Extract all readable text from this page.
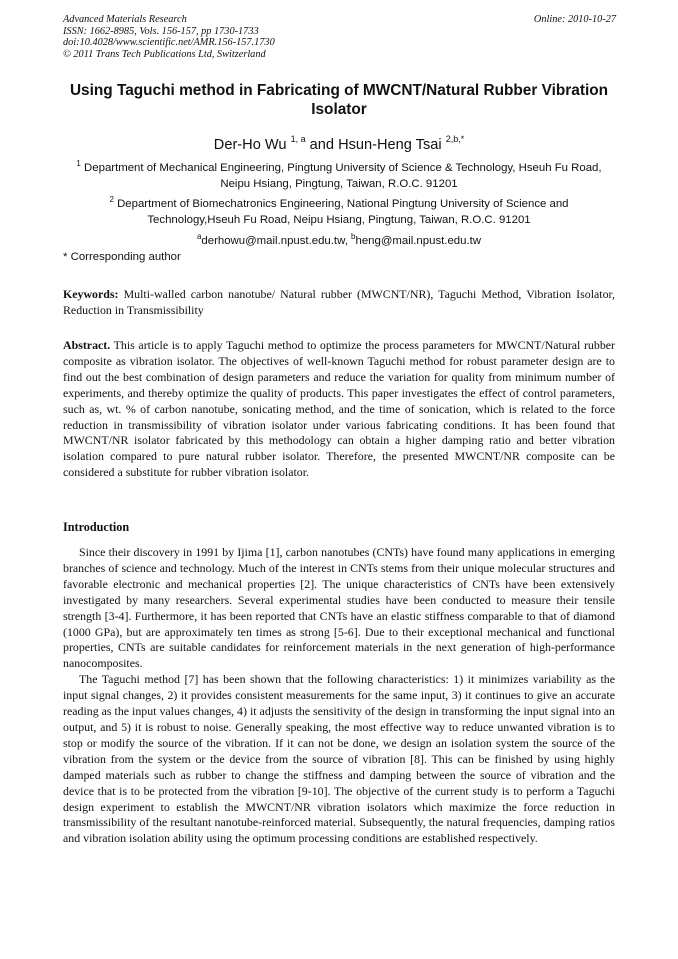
Advanced Materials Research
ISSN: 1662-8985, Vols. 156-157, pp 1730-1733
doi:10.4028/www.scientific.net/AMR.156-157.1730
© 2011 Trans Tech Publications Ltd, Switzerland
Online: 2010-10-27
Using Taguchi method in Fabricating of MWCNT/Natural Rubber Vibration Isolator
Der-Ho Wu $^{1, a}$ and Hsun-Heng Tsai $^{2,b,*}$
$^1$ Department of Mechanical Engineering, Pingtung University of Science & Technology, Hseuh Fu Road, Neipu Hsiang, Pingtung, Taiwan, R.O.C. 91201
$^2$ Department of Biomechatronics Engineering, National Pingtung University of Science and Technology,Hseuh Fu Road, Neipu Hsiang, Pingtung, Taiwan, R.O.C. 91201
$^a$derhowu@mail.npust.edu.tw, $^b$heng@mail.npust.edu.tw
* Corresponding author
Keywords: Multi-walled carbon nanotube/ Natural rubber (MWCNT/NR), Taguchi Method, Vibration Isolator, Reduction in Transmissibility
Abstract. This article is to apply Taguchi method to optimize the process parameters for MWCNT/Natural rubber composite as vibration isolator. The objectives of well-known Taguchi method for robust parameter design are to find out the best combination of design parameters and reduce the variation for quality from minimum number of experiments, and thereby optimize the quality of products. This paper investigates the effect of control parameters, such as, wt. % of carbon nanotube, sonicating method, and the time of sonication, which is related to the force reduction in transmissibility of vibration isolator under various fabricating conditions. It has been found that MWCNT/NR isolator fabricated by this methodology can obtain a higher damping ratio and better vibration isolation compared to pure natural rubber isolator. Therefore, the presented MWCNT/NR composite can be considered a substitute for rubber vibration isolator.
Introduction

Since their discovery in 1991 by Ijima [1], carbon nanotubes (CNTs) have found many applications in emerging branches of science and technology. Much of the interest in CNTs stems from their unique molecular structures and favorable electronic and mechanical properties [2]. The unique characteristics of CNTs have been extensively investigated by many researchers. Several experimental studies have been conducted to measure their tensile strength [3-4]. Furthermore, it has been reported that CNTs have an elastic stiffness comparable to that of diamond (1000 GPa), but are approximately ten times as strong [5-6]. Due to their exceptional mechanical and functional properties, CNTs are suitable candidates for reinforcement materials in the next generation of high-performance nanocomposites.

The Taguchi method [7] has been shown that the following characteristics: 1) it minimizes variability as the input signal changes, 2) it provides consistent measurements for the same input, 3) it continues to give an accurate reading as the input values changes, 4) it adjusts the sensitivity of the design in transforming the input signal into an output, and 5) it is robust to noise. Generally speaking, the most effective way to reduce unwanted vibration is to stop or modify the source of the vibration. If it can not be done, we design an isolation system the source of the vibration from the system or the device from the source of vibration [8]. This can be finished by using highly damped materials such as rubber to change the stiffness and damping between the source of vibration and the device that is to be protected from the vibration [9-10]. The objective of the current study is to perform a Taguchi design experiment to establish the MWCNT/NR vibration isolators which maximize the force reduction in transmissibility of the resultant nanotube-reinforced material. Subsequently, the natural frequencies, damping ratios and vibration isolation ability using the optimum processing conditions are established respectively.
